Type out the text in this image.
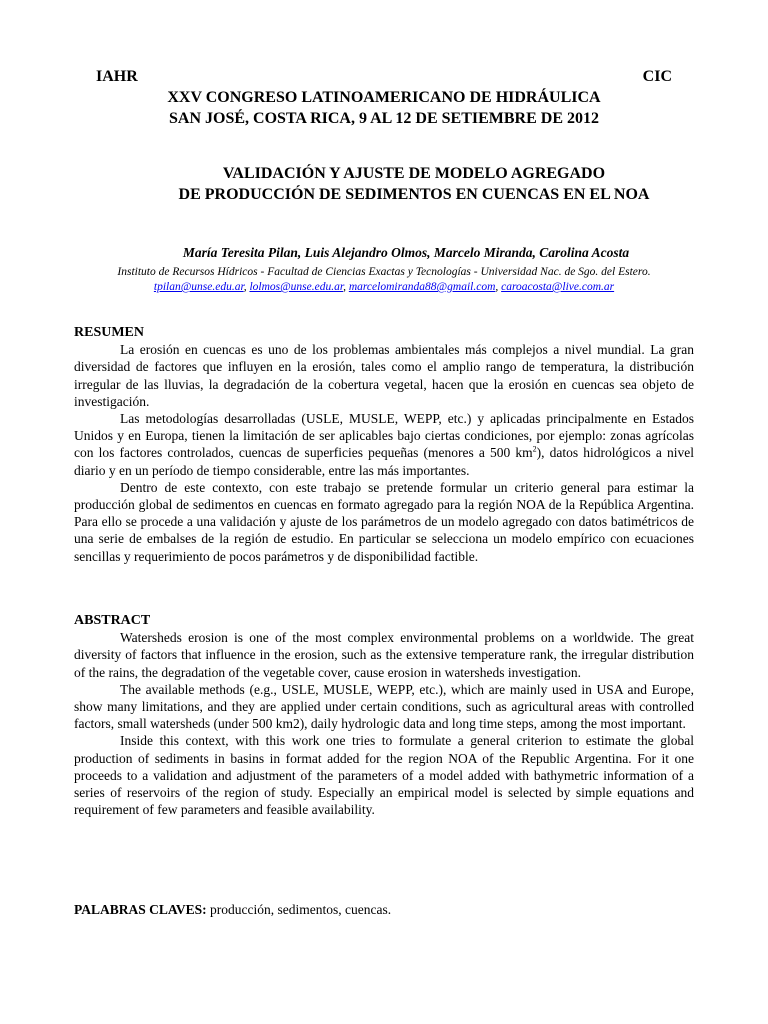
IAHR	CIC
XXV CONGRESO LATINOAMERICANO DE HIDRÁULICA
SAN JOSÉ, COSTA RICA, 9 AL 12 DE SETIEMBRE DE 2012
VALIDACIÓN Y AJUSTE DE MODELO AGREGADO
DE PRODUCCIÓN DE SEDIMENTOS EN CUENCAS EN EL NOA
María Teresita Pilan, Luis Alejandro Olmos, Marcelo Miranda, Carolina Acosta
Instituto de Recursos Hídricos - Facultad de Ciencias Exactas y Tecnologías - Universidad Nac. de Sgo. del Estero.
tpilan@unse.edu.ar, lolmos@unse.edu.ar, marcelomiranda88@gmail.com, caroacosta@live.com.ar
RESUMEN

La erosión en cuencas es uno de los problemas ambientales más complejos a nivel mundial. La gran diversidad de factores que influyen en la erosión, tales como el amplio rango de temperatura, la distribución irregular de las lluvias, la degradación de la cobertura vegetal, hacen que la erosión en cuencas sea objeto de investigación.

Las metodologías desarrolladas (USLE, MUSLE, WEPP, etc.) y aplicadas principalmente en Estados Unidos y en Europa, tienen la limitación de ser aplicables bajo ciertas condiciones, por ejemplo: zonas agrícolas con los factores controlados, cuencas de superficies pequeñas (menores a 500 $km^2$), datos hidrológicos a nivel diario y en un período de tiempo considerable, entre las más importantes.

Dentro de este contexto, con este trabajo se pretende formular un criterio general para estimar la producción global de sedimentos en cuencas en formato agregado para la región NOA de la República Argentina. Para ello se procede a una validación y ajuste de los parámetros de un modelo agregado con datos batimétricos de una serie de embalses de la región de estudio. En particular se selecciona un modelo empírico con ecuaciones sencillas y requerimiento de pocos parámetros y de disponibilidad factible.

ABSTRACT

Watersheds erosion is one of the most complex environmental problems on a worldwide. The great diversity of factors that influence in the erosion, such as the extensive temperature rank, the irregular distribution of the rains, the degradation of the vegetable cover, cause erosion in watersheds investigation.

The available methods (e.g., USLE, MUSLE, WEPP, etc.), which are mainly used in USA and Europe, show many limitations, and they are applied under certain conditions, such as agricultural areas with controlled factors, small watersheds (under 500 km2), daily hydrologic data and long time steps, among the most important.

Inside this context, with this work one tries to formulate a general criterion to estimate the global production of sediments in basins in format added for the region NOA of the Republic Argentina. For it one proceeds to a validation and adjustment of the parameters of a model added with bathymetric information of a series of reservoirs of the region of study. Especially an empirical model is selected by simple equations and requirement of few parameters and feasible availability.

PALABRAS CLAVES: producción, sedimentos, cuencas.
